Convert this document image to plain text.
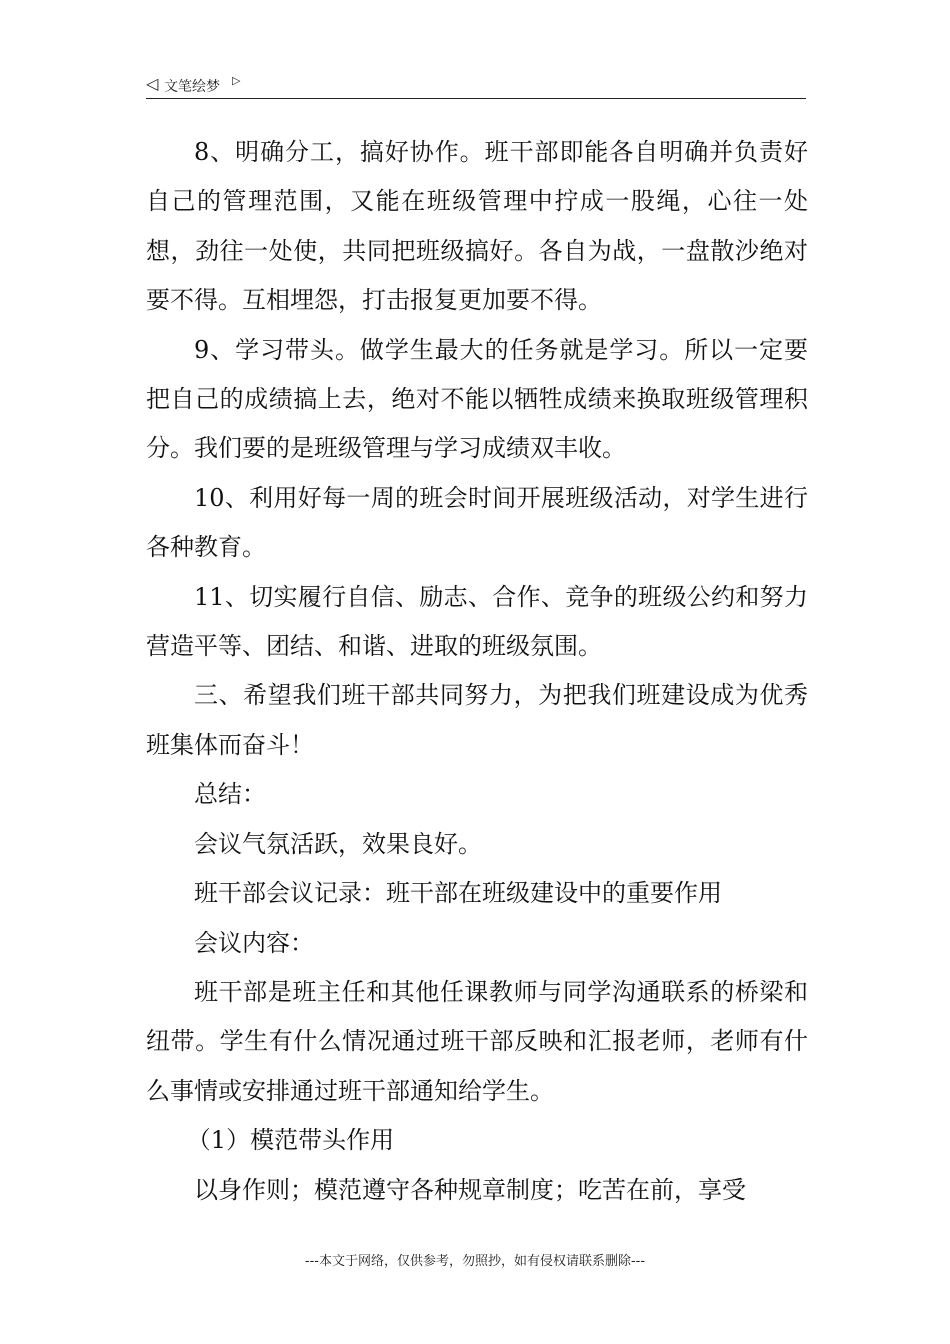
◁ 文笔绘梦 ▷

8、明确分工，搞好协作。班干部即能各自明确并负责好自己的管理范围，又能在班级管理中拧成一股绳，心往一处想，劲往一处使，共同把班级搞好。各自为战，一盘散沙绝对要不得。互相埋怨，打击报复更加要不得。

9、学习带头。做学生最大的任务就是学习。所以一定要把自己的成绩搞上去，绝对不能以牺牲成绩来换取班级管理积分。我们要的是班级管理与学习成绩双丰收。

10、利用好每一周的班会时间开展班级活动，对学生进行各种教育。

11、切实履行自信、励志、合作、竞争的班级公约和努力营造平等、团结、和谐、进取的班级氛围。

三、希望我们班干部共同努力，为把我们班建设成为优秀班集体而奋斗！

总结：

会议气氛活跃，效果良好。

班干部会议记录：班干部在班级建设中的重要作用

会议内容：

班干部是班主任和其他任课教师与同学沟通联系的桥梁和纽带。学生有什么情况通过班干部反映和汇报老师，老师有什么事情或安排通过班干部通知给学生。

（1）模范带头作用

以身作则；模范遵守各种规章制度；吃苦在前，享受

---本文于网络，仅供参考，勿照抄，如有侵权请联系删除---
